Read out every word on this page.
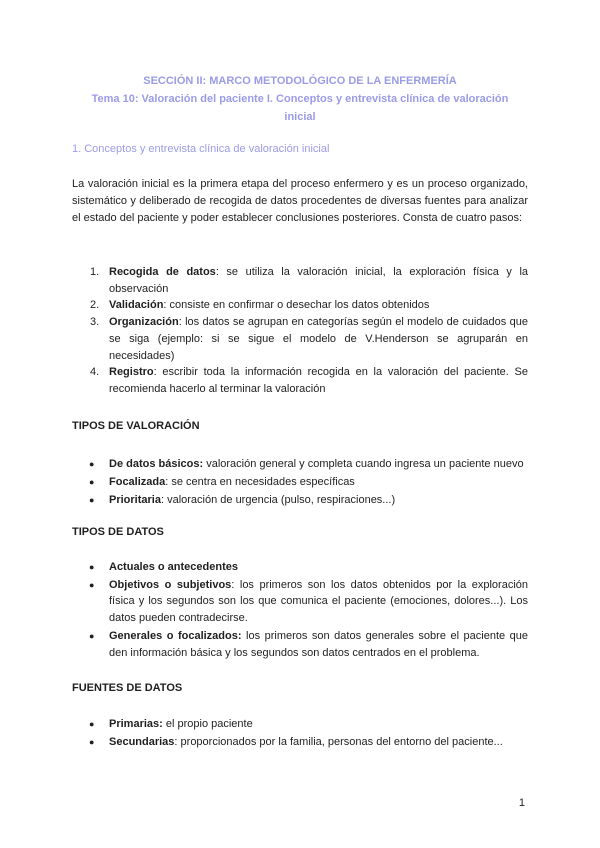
SECCIÓN II: MARCO METODOLÓGICO DE LA ENFERMERÍA
Tema 10: Valoración del paciente I. Conceptos y entrevista clínica de valoración
inicial
1. Conceptos y entrevista clínica de valoración inicial
La valoración inicial es la primera etapa del proceso enfermero y es un proceso organizado, sistemático y deliberado de recogida de datos procedentes de diversas fuentes para analizar el estado del paciente y poder establecer conclusiones posteriores. Consta de cuatro pasos:
1. Recogida de datos: se utiliza la valoración inicial, la exploración física y la observación
2. Validación: consiste en confirmar o desechar los datos obtenidos
3. Organización: los datos se agrupan en categorías según el modelo de cuidados que se siga (ejemplo: si se sigue el modelo de V.Henderson se agruparán en necesidades)
4. Registro: escribir toda la información recogida en la valoración del paciente. Se recomienda hacerlo al terminar la valoración
TIPOS DE VALORACIÓN
● De datos básicos: valoración general y completa cuando ingresa un paciente nuevo
● Focalizada: se centra en necesidades específicas
● Prioritaria: valoración de urgencia (pulso, respiraciones...)
TIPOS DE DATOS
● Actuales o antecedentes
● Objetivos o subjetivos: los primeros son los datos obtenidos por la exploración física y los segundos son los que comunica el paciente (emociones, dolores...). Los datos pueden contradecirse.
● Generales o focalizados: los primeros son datos generales sobre el paciente que den información básica y los segundos son datos centrados en el problema.
FUENTES DE DATOS
● Primarias: el propio paciente
● Secundarias: proporcionados por la familia, personas del entorno del paciente...
1
